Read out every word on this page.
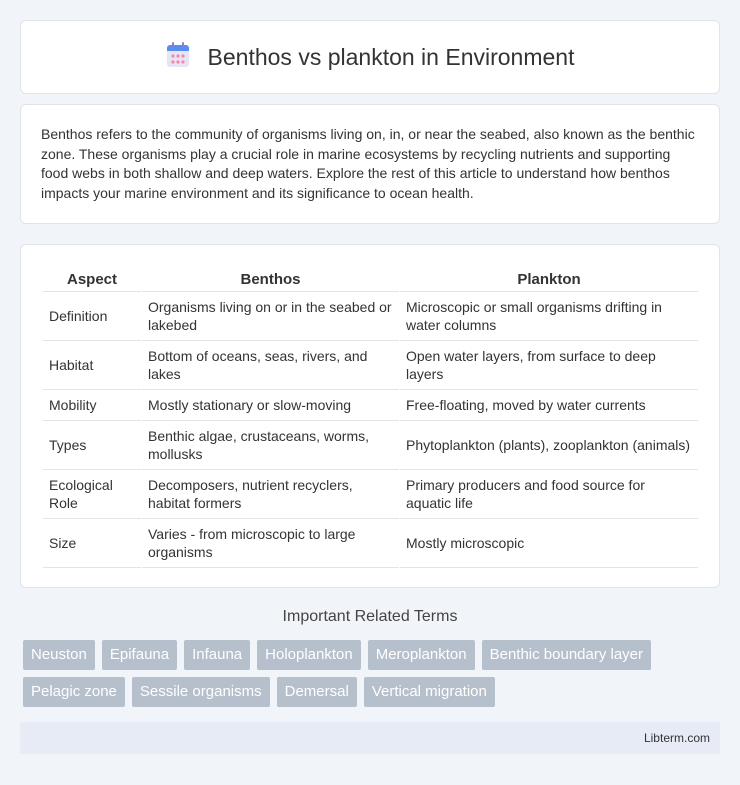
Benthos vs plankton in Environment

Benthos refers to the community of organisms living on, in, or near the seabed, also known as the benthic zone. These organisms play a crucial role in marine ecosystems by recycling nutrients and supporting food webs in both shallow and deep waters. Explore the rest of this article to understand how benthos impacts your marine environment and its significance to ocean health.

Aspect	Benthos	Plankton
Definition	Organisms living on or in the seabed or lakebed	Microscopic or small organisms drifting in water columns
Habitat	Bottom of oceans, seas, rivers, and lakes	Open water layers, from surface to deep layers
Mobility	Mostly stationary or slow-moving	Free-floating, moved by water currents
Types	Benthic algae, crustaceans, worms, mollusks	Phytoplankton (plants), zooplankton (animals)
Ecological Role	Decomposers, nutrient recyclers, habitat formers	Primary producers and food source for aquatic life
Size	Varies - from microscopic to large organisms	Mostly microscopic
Important Related Terms
Neuston	Epifauna	Infauna	Holoplankton	Meroplankton	Benthic boundary layer
Pelagic zone	Sessile organisms	Demersal	Vertical migration
Libterm.com
